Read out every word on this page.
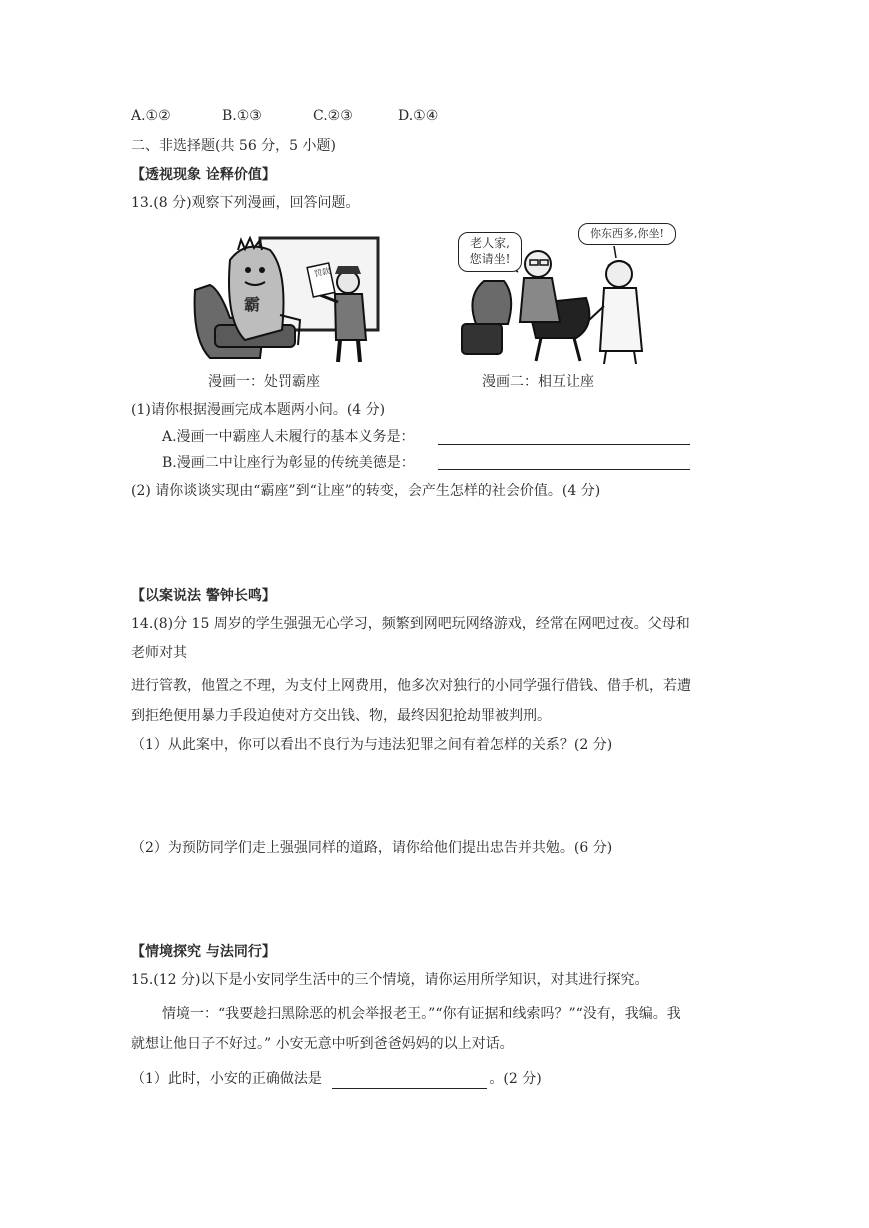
A.①②	B.①③	C.②③	D.①④
二、非选择题(共 56 分，5 小题)
【透视现象 诠释价值】
13.(8 分)观察下列漫画，回答问题。
罚款
霸
老人家,
您请坐!
你东西多,你坐!
漫画一：处罚霸座	漫画二：相互让座
(1)请你根据漫画完成本题两小问。(4 分)
A.漫画一中霸座人未履行的基本义务是：
B.漫画二中让座行为彰显的传统美德是：
(2) 请你谈谈实现由“霸座”到“让座”的转变，会产生怎样的社会价值。(4 分)
【以案说法 警钟长鸣】
14.(8)分 15 周岁的学生强强无心学习，频繁到网吧玩网络游戏，经常在网吧过夜。父母和
老师对其
进行管教，他置之不理，为支付上网费用，他多次对独行的小同学强行借钱、借手机，若遭
到拒绝便用暴力手段迫使对方交出钱、物，最终因犯抢劫罪被判刑。
（1）从此案中，你可以看出不良行为与违法犯罪之间有着怎样的关系？(2 分)
（2）为预防同学们走上强强同样的道路，请你给他们提出忠告并共勉。(6 分)
【情境探究 与法同行】
15.(12 分)以下是小安同学生活中的三个情境，请你运用所学知识，对其进行探究。
情境一：“我要趁扫黑除恶的机会举报老王。”“你有证据和线索吗？”“没有，我编。我
就想让他日子不好过。” 小安无意中听到爸爸妈妈的以上对话。
（1）此时，小安的正确做法是	。(2 分)
